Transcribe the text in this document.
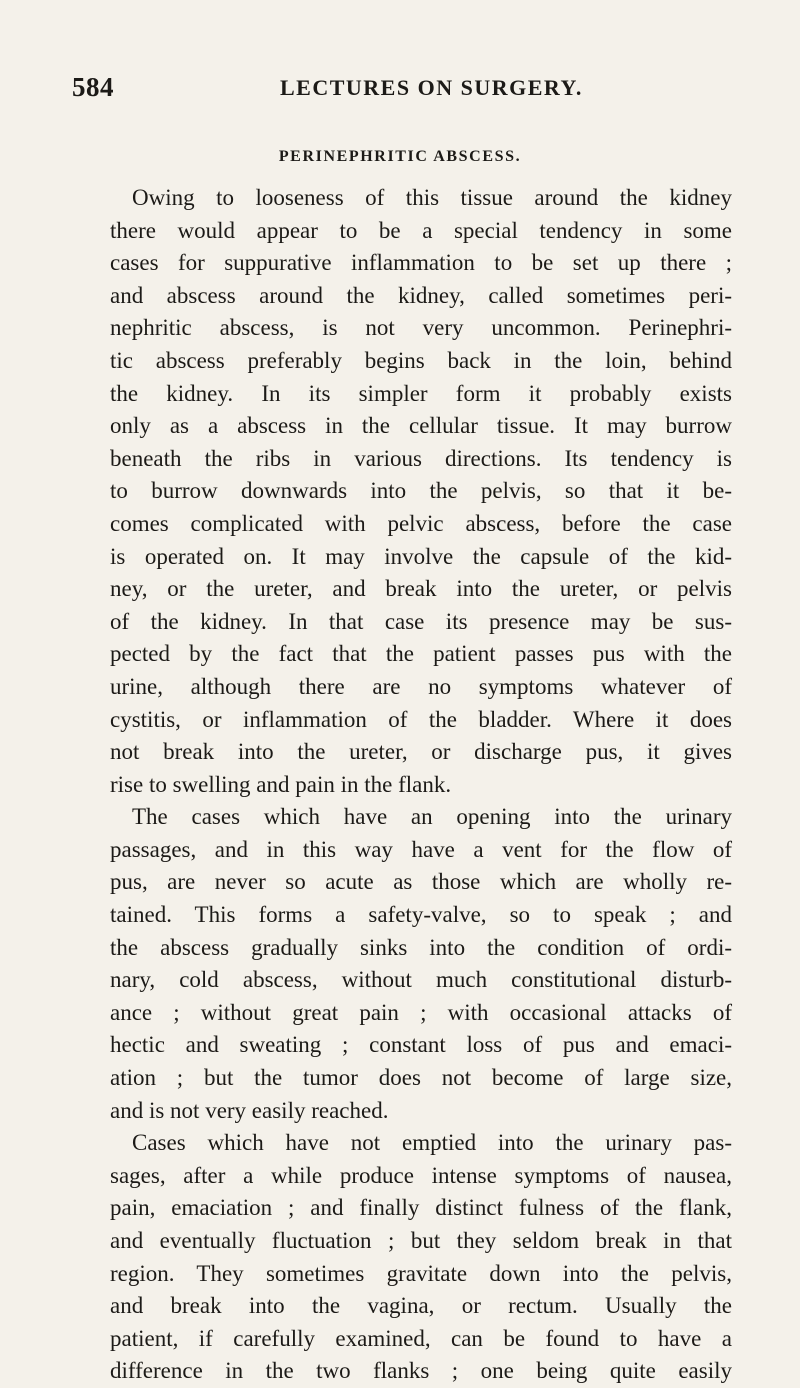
584	LECTURES ON SURGERY.
PERINEPHRITIC ABSCESS.
Owing to looseness of this tissue around the kidney
there would appear to be a special tendency in some
cases for suppurative inflammation to be set up there ;
and abscess around the kidney, called sometimes peri-
nephritic abscess, is not very uncommon. Perinephri-
tic abscess preferably begins back in the loin, behind
the kidney. In its simpler form it probably exists
only as a abscess in the cellular tissue. It may burrow
beneath the ribs in various directions. Its tendency is
to burrow downwards into the pelvis, so that it be-
comes complicated with pelvic abscess, before the case
is operated on. It may involve the capsule of the kid-
ney, or the ureter, and break into the ureter, or pelvis
of the kidney. In that case its presence may be sus-
pected by the fact that the patient passes pus with the
urine, although there are no symptoms whatever of
cystitis, or inflammation of the bladder. Where it does
not break into the ureter, or discharge pus, it gives
rise to swelling and pain in the flank.
The cases which have an opening into the urinary
passages, and in this way have a vent for the flow of
pus, are never so acute as those which are wholly re-
tained. This forms a safety-valve, so to speak ; and
the abscess gradually sinks into the condition of ordi-
nary, cold abscess, without much constitutional disturb-
ance ; without great pain ; with occasional attacks of
hectic and sweating ; constant loss of pus and emaci-
ation ; but the tumor does not become of large size,
and is not very easily reached.
Cases which have not emptied into the urinary pas-
sages, after a while produce intense symptoms of nausea,
pain, emaciation ; and finally distinct fulness of the flank,
and eventually fluctuation ; but they seldom break in that
region. They sometimes gravitate down into the pelvis,
and break into the vagina, or rectum. Usually the
patient, if carefully examined, can be found to have a
difference in the two flanks ; one being quite easily
